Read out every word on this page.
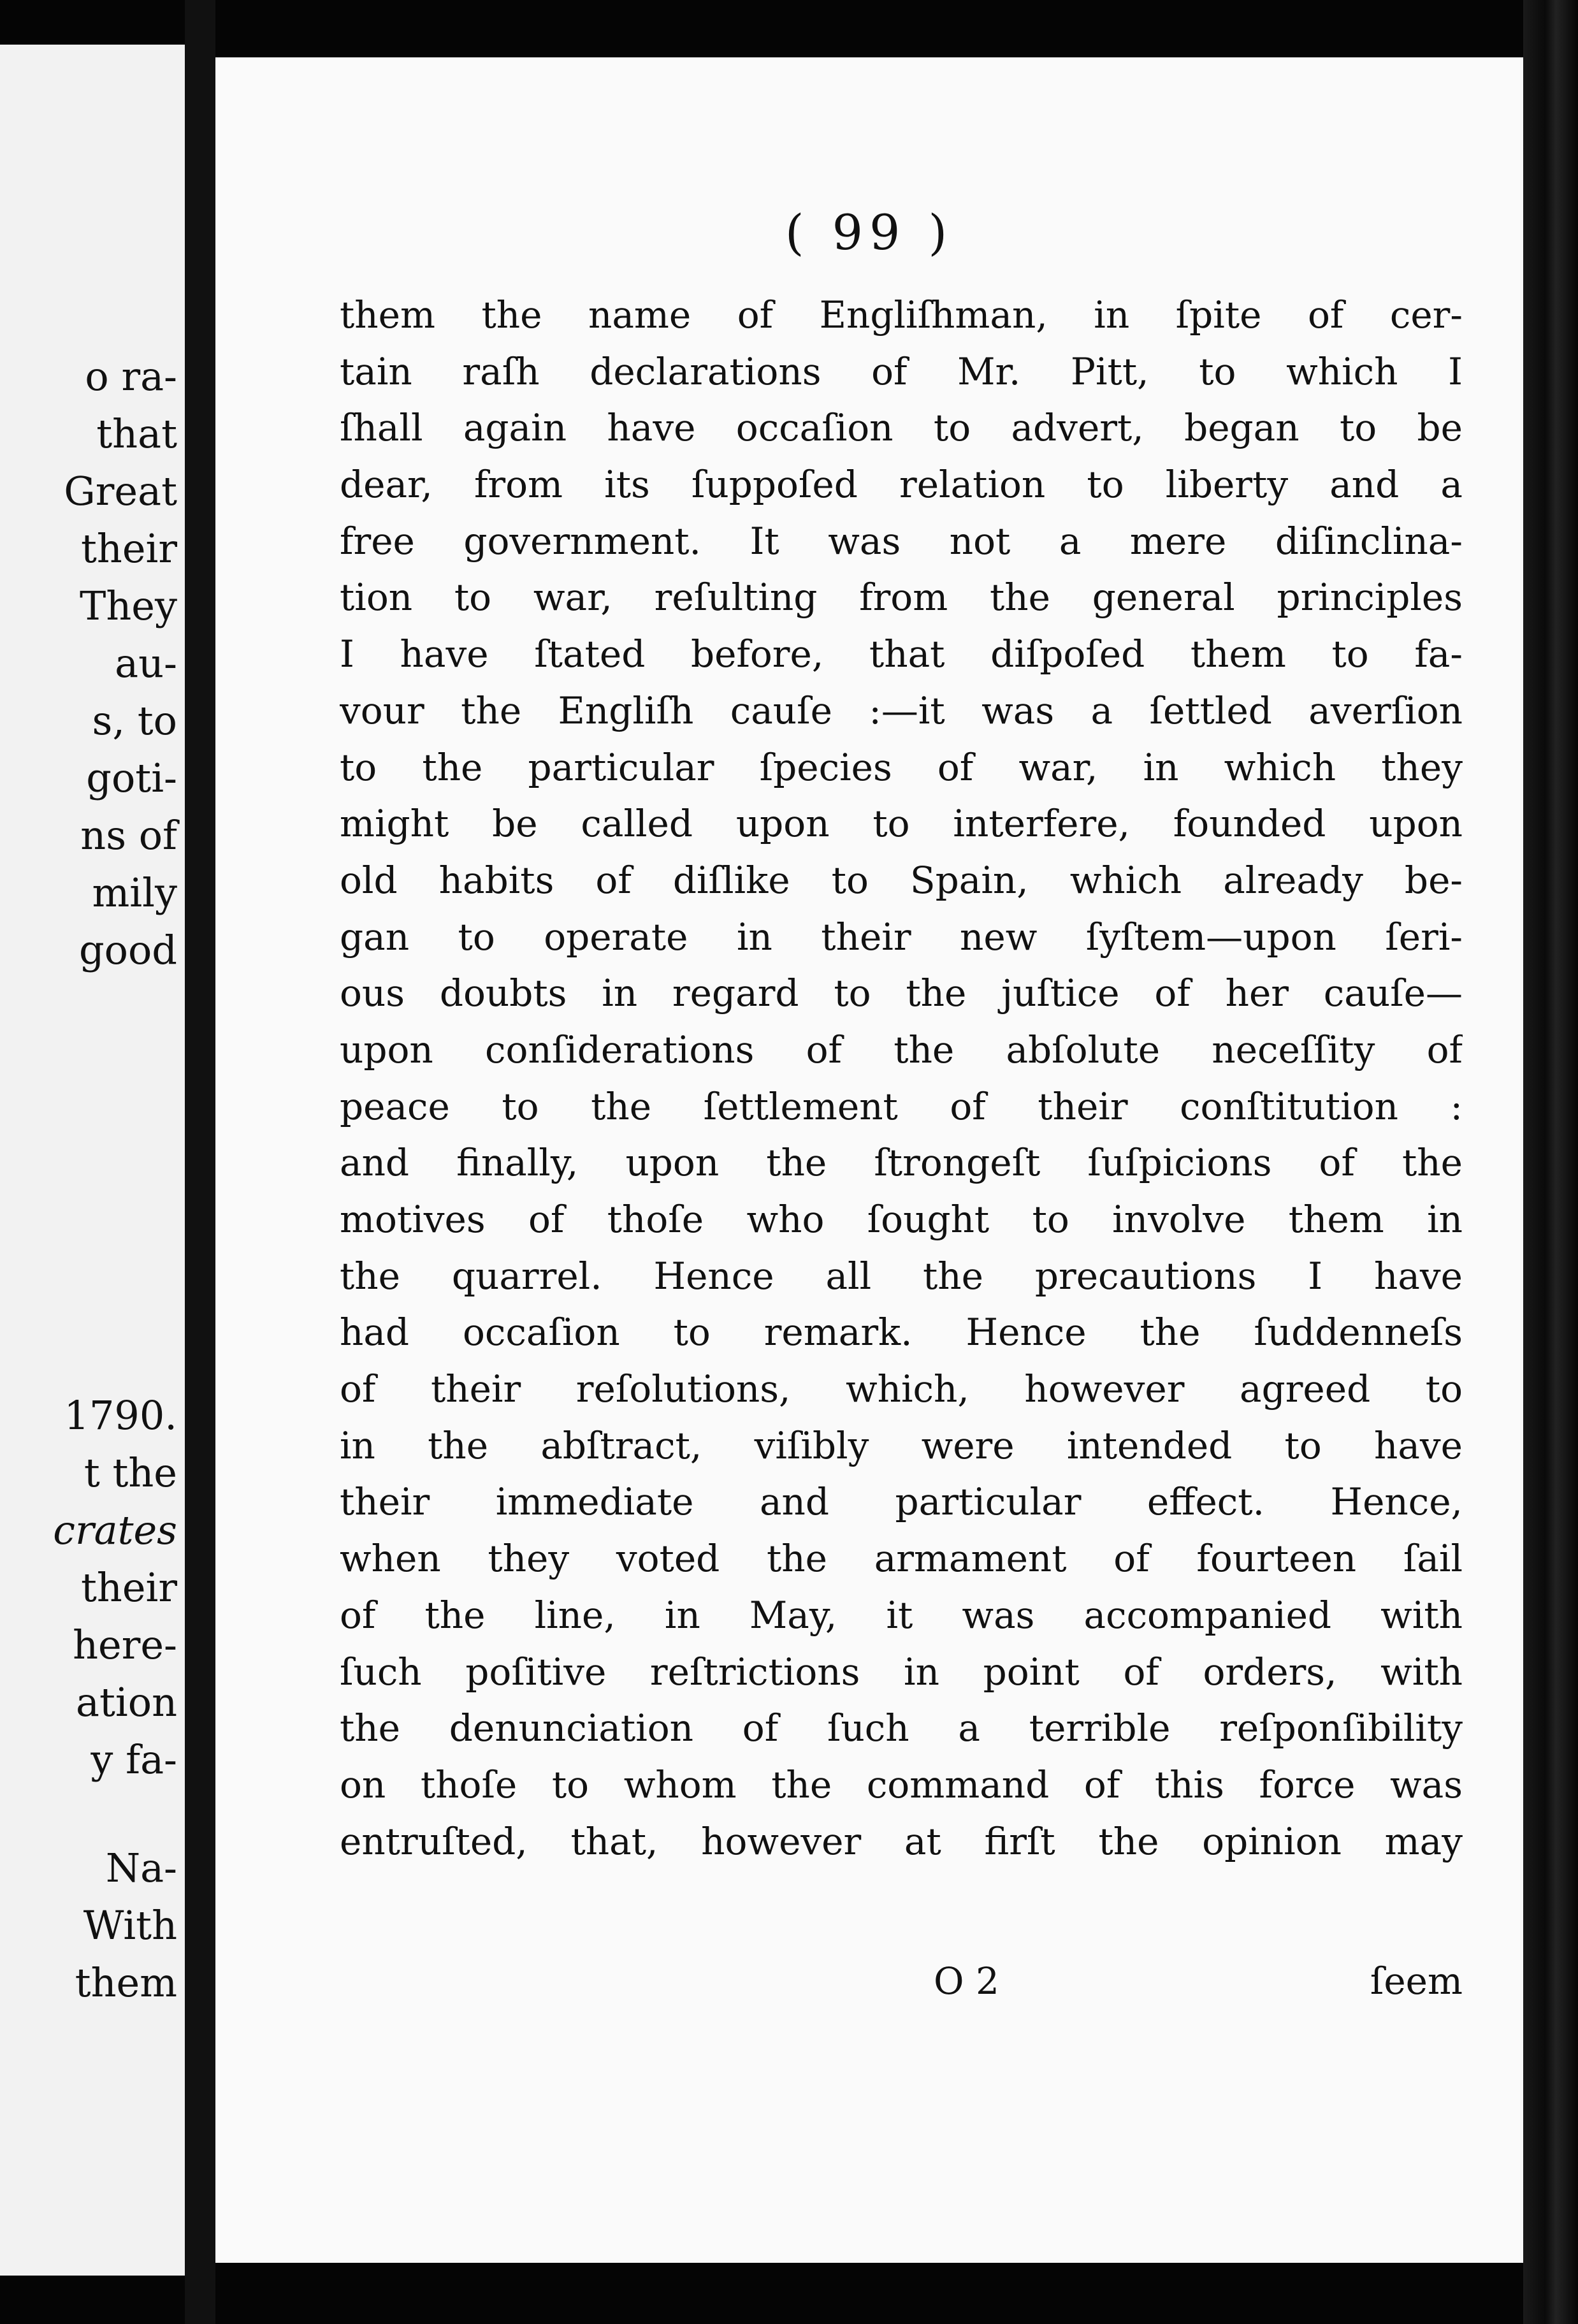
o ra-
that
Great
their
They
au-
s, to
goti-
ns of
mily
good
1790.
t the
crates
their
here-
ation
y fa-
Na-
With
them
( 99 )
them the name of Engliſhman, in ſpite of cer-
tain raſh declarations of Mr. Pitt, to which I
ſhall again have occaſion to advert, began to be
dear, from its ſuppoſed relation to liberty and a
free government. It was not a mere diſinclina-
tion to war, reſulting from the general principles
I have ſtated before, that diſpoſed them to fa-
vour the Engliſh cauſe :—it was a ſettled averſion
to the particular ſpecies of war, in which they
might be called upon to interfere, founded upon
old habits of diſlike to Spain, which already be-
gan to operate in their new ſyſtem—upon ſeri-
ous doubts in regard to the juſtice of her cauſe—
upon conſiderations of the abſolute neceſſity of
peace to the ſettlement of their conſtitution :
and finally, upon the ſtrongeſt ſuſpicions of the
motives of thoſe who ſought to involve them in
the quarrel. Hence all the precautions I have
had occaſion to remark. Hence the ſuddenneſs
of their reſolutions, which, however agreed to
in the abſtract, viſibly were intended to have
their immediate and particular effect. Hence,
when they voted the armament of fourteen ſail
of the line, in May, it was accompanied with
ſuch poſitive reſtrictions in point of orders, with
the denunciation of ſuch a terrible reſponſibility
on thoſe to whom the command of this force was
entruſted, that, however at firſt the opinion may
O 2	ſeem
